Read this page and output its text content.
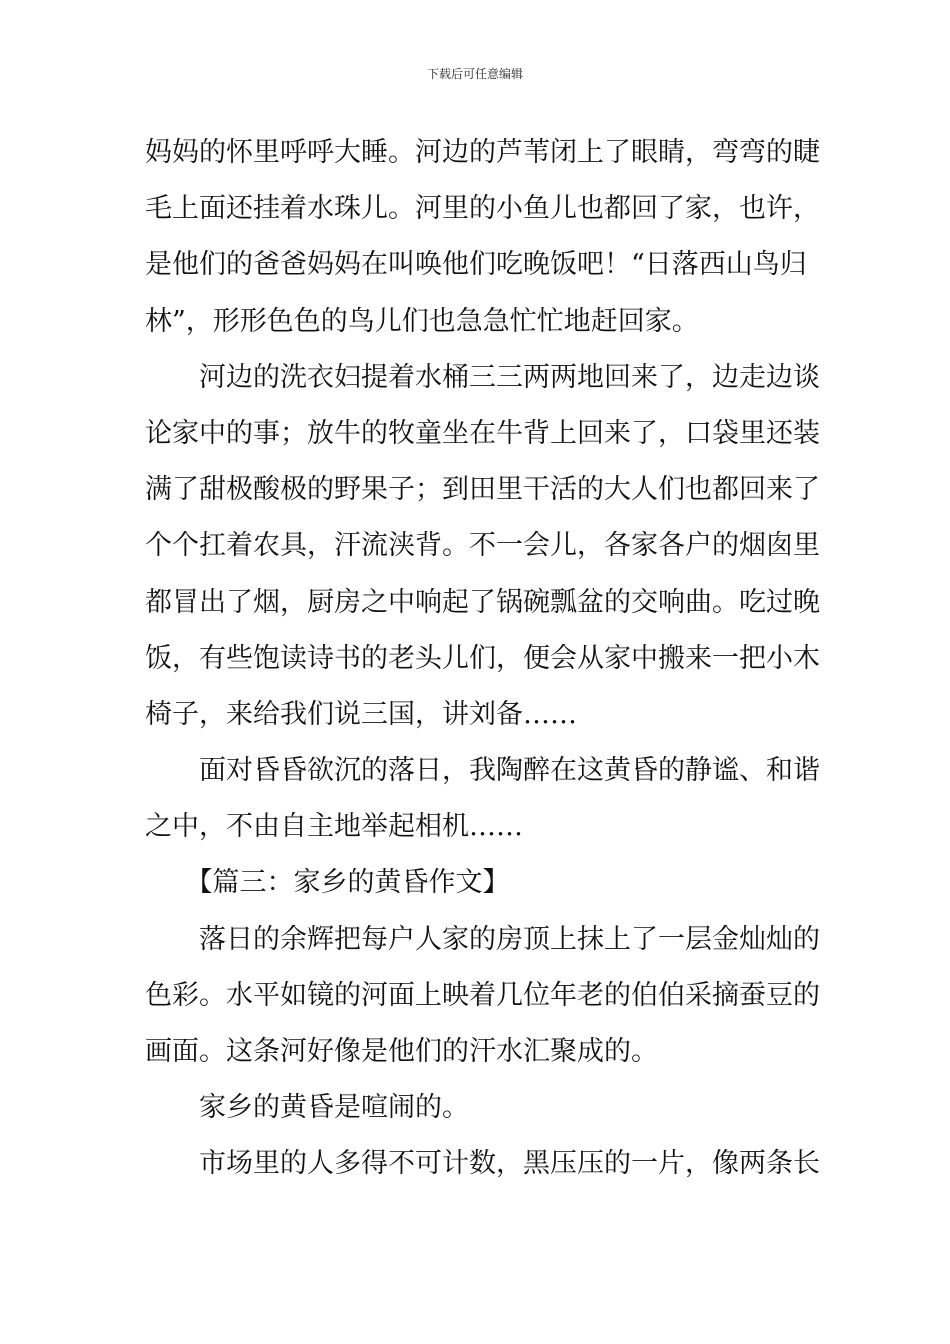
下载后可任意编辑
妈妈的怀里呼呼大睡。河边的芦苇闭上了眼睛，弯弯的睫
毛上面还挂着水珠儿。河里的小鱼儿也都回了家，也许，
是他们的爸爸妈妈在叫唤他们吃晚饭吧！“日落西山鸟归
林”，形形色色的鸟儿们也急急忙忙地赶回家。
　　河边的洗衣妇提着水桶三三两两地回来了，边走边谈
论家中的事；放牛的牧童坐在牛背上回来了，口袋里还装
满了甜极酸极的野果子；到田里干活的大人们也都回来了
个个扛着农具，汗流浃背。不一会儿，各家各户的烟囱里
都冒出了烟，厨房之中响起了锅碗瓢盆的交响曲。吃过晚
饭，有些饱读诗书的老头儿们，便会从家中搬来一把小木
椅子，来给我们说三国，讲刘备……
　　面对昏昏欲沉的落日，我陶醉在这黄昏的静谧、和谐
之中，不由自主地举起相机……
　　【篇三：家乡的黄昏作文】
　　落日的余辉把每户人家的房顶上抹上了一层金灿灿的
色彩。水平如镜的河面上映着几位年老的伯伯采摘蚕豆的
画面。这条河好像是他们的汗水汇聚成的。
　　家乡的黄昏是喧闹的。
　　市场里的人多得不可计数，黑压压的一片，像两条长
